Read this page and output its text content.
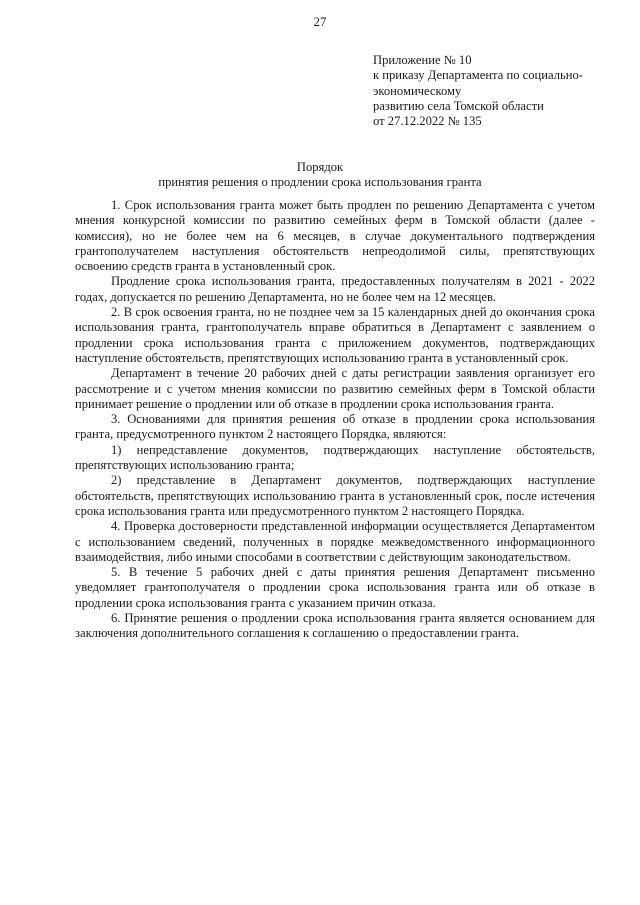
27
Приложение № 10
к приказу Департамента по социально-
экономическому
развитию села Томской области
от 27.12.2022 № 135
Порядок
принятия решения о продлении срока использования гранта

1. Срок использования гранта может быть продлен по решению Департамента с учетом мнения конкурсной комиссии по развитию семейных ферм в Томской области (далее - комиссия), но не более чем на 6 месяцев, в случае документального подтверждения грантополучателем наступления обстоятельств непреодолимой силы, препятствующих освоению средств гранта в установленный срок.

Продление срока использования гранта, предоставленных получателям в 2021 - 2022 годах, допускается по решению Департамента, но не более чем на 12 месяцев.

2. В срок освоения гранта, но не позднее чем за 15 календарных дней до окончания срока использования гранта, грантополучатель вправе обратиться в Департамент с заявлением о продлении срока использования гранта с приложением документов, подтверждающих наступление обстоятельств, препятствующих использованию гранта в установленный срок.

Департамент в течение 20 рабочих дней с даты регистрации заявления организует его рассмотрение и с учетом мнения комиссии по развитию семейных ферм в Томской области принимает решение о продлении или об отказе в продлении срока использования гранта.

3. Основаниями для принятия решения об отказе в продлении срока использования гранта, предусмотренного пунктом 2 настоящего Порядка, являются:

1) непредставление документов, подтверждающих наступление обстоятельств, препятствующих использованию гранта;

2) представление в Департамент документов, подтверждающих наступление обстоятельств, препятствующих использованию гранта в установленный срок, после истечения срока использования гранта или предусмотренного пунктом 2 настоящего Порядка.

4. Проверка достоверности представленной информации осуществляется Департаментом с использованием сведений, полученных в порядке межведомственного информационного взаимодействия, либо иными способами в соответствии с действующим законодательством.

5. В течение 5 рабочих дней с даты принятия решения Департамент письменно уведомляет грантополучателя о продлении срока использования гранта или об отказе в продлении срока использования гранта с указанием причин отказа.

6. Принятие решения о продлении срока использования гранта является основанием для заключения дополнительного соглашения к соглашению о предоставлении гранта.
